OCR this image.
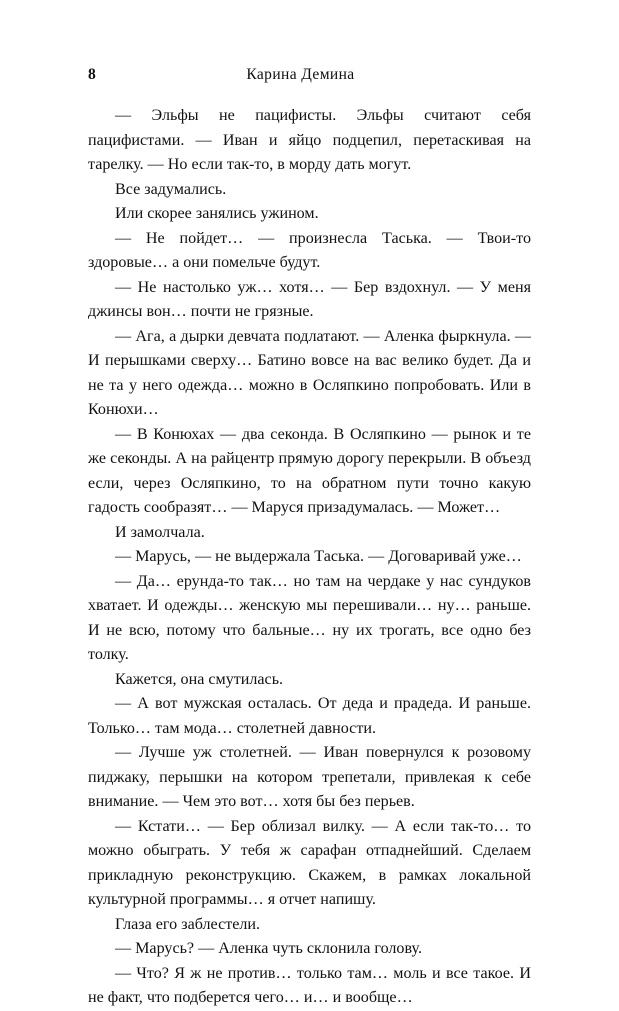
8	Карина Демина

— Эльфы не пацифисты. Эльфы считают себя пацифистами. — Иван и яйцо подцепил, перетаскивая на тарелку. — Но если так-то, в морду дать могут.

Все задумались.

Или скорее занялись ужином.

— Не пойдет… — произнесла Таська. — Твои-то здоровые… а они помельче будут.

— Не настолько уж… хотя… — Бер вздохнул. — У меня джинсы вон… почти не грязные.

— Ага, а дырки девчата подлатают. — Аленка фыркнула. — И перышками сверху… Батино вовсе на вас велико будет. Да и не та у него одежда… можно в Осляпкино попробовать. Или в Конюхи…

— В Конюхах — два секонда. В Осляпкино — рынок и те же секонды. А на райцентр прямую дорогу перекрыли. В объезд если, через Осляпкино, то на обратном пути точно какую гадость сообразят… — Маруся призадумалась. — Может…

И замолчала.

— Марусь, — не выдержала Таська. — Договаривай уже…

— Да… ерунда-то так… но там на чердаке у нас сундуков хватает. И одежды… женскую мы перешивали… ну… раньше. И не всю, потому что бальные… ну их трогать, все одно без толку.

Кажется, она смутилась.

— А вот мужская осталась. От деда и прадеда. И раньше. Только… там мода… столетней давности.

— Лучше уж столетней. — Иван повернулся к розовому пиджаку, перышки на котором трепетали, привлекая к себе внимание. — Чем это вот… хотя бы без перьев.

— Кстати… — Бер облизал вилку. — А если так-то… то можно обыграть. У тебя ж сарафан отпаднейший. Сделаем прикладную реконструкцию. Скажем, в рамках локальной культурной программы… я отчет напишу.

Глаза его заблестели.

— Марусь? — Аленка чуть склонила голову.

— Что? Я ж не против… только там… моль и все такое. И не факт, что подберется чего… и… и вообще…
